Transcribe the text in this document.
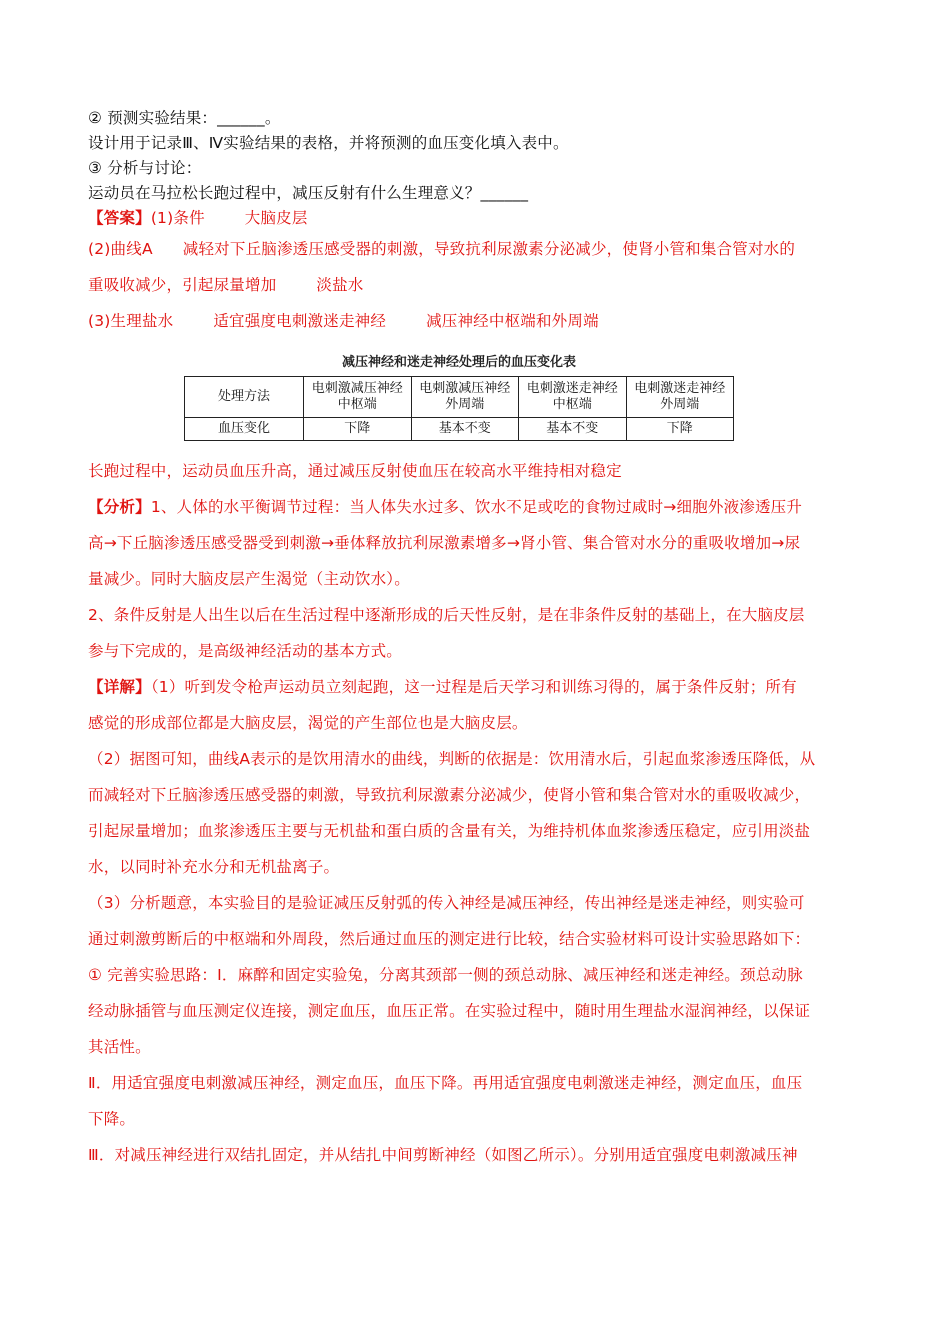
② 预测实验结果：______。
设计用于记录Ⅲ、Ⅳ实验结果的表格，并将预测的血压变化填入表中。
③ 分析与讨论：
运动员在马拉松长跑过程中，减压反射有什么生理意义？______
【答案】(1)条件	大脑皮层
(2)曲线A 减轻对下丘脑渗透压感受器的刺激，导致抗利尿激素分泌减少，使肾小管和集合管对水的
重吸收减少，引起尿量增加	淡盐水
(3)生理盐水	适宜强度电刺激迷走神经	减压神经中枢端和外周端
减压神经和迷走神经处理后的血压变化表
处理方法	电刺激减压神经中枢端	电刺激减压神经外周端	电刺激迷走神经中枢端	电刺激迷走神经外周端
血压变化	下降	基本不变	基本不变	下降
长跑过程中，运动员血压升高，通过减压反射使血压在较高水平维持相对稳定
【分析】1、人体的水平衡调节过程：当人体失水过多、饮水不足或吃的食物过咸时→细胞外液渗透压升
高→下丘脑渗透压感受器受到刺激→垂体释放抗利尿激素增多→肾小管、集合管对水分的重吸收增加→尿
量减少。同时大脑皮层产生渴觉（主动饮水）。
2、条件反射是人出生以后在生活过程中逐渐形成的后天性反射，是在非条件反射的基础上，在大脑皮层
参与下完成的，是高级神经活动的基本方式。
【详解】（1）听到发令枪声运动员立刻起跑，这一过程是后天学习和训练习得的，属于条件反射；所有
感觉的形成部位都是大脑皮层，渴觉的产生部位也是大脑皮层。
（2）据图可知，曲线A表示的是饮用清水的曲线，判断的依据是：饮用清水后，引起血浆渗透压降低，从
而减轻对下丘脑渗透压感受器的刺激，导致抗利尿激素分泌减少，使肾小管和集合管对水的重吸收减少，
引起尿量增加；血浆渗透压主要与无机盐和蛋白质的含量有关，为维持机体血浆渗透压稳定，应引用淡盐
水，以同时补充水分和无机盐离子。
（3）分析题意，本实验目的是验证减压反射弧的传入神经是减压神经，传出神经是迷走神经，则实验可
通过刺激剪断后的中枢端和外周段，然后通过血压的测定进行比较，结合实验材料可设计实验思路如下：
① 完善实验思路：Ⅰ．麻醉和固定实验兔，分离其颈部一侧的颈总动脉、减压神经和迷走神经。颈总动脉
经动脉插管与血压测定仪连接，测定血压，血压正常。在实验过程中，随时用生理盐水湿润神经，以保证
其活性。
Ⅱ．用适宜强度电刺激减压神经，测定血压，血压下降。再用适宜强度电刺激迷走神经，测定血压，血压
下降。
Ⅲ．对减压神经进行双结扎固定，并从结扎中间剪断神经（如图乙所示）。分别用适宜强度电刺激减压神
